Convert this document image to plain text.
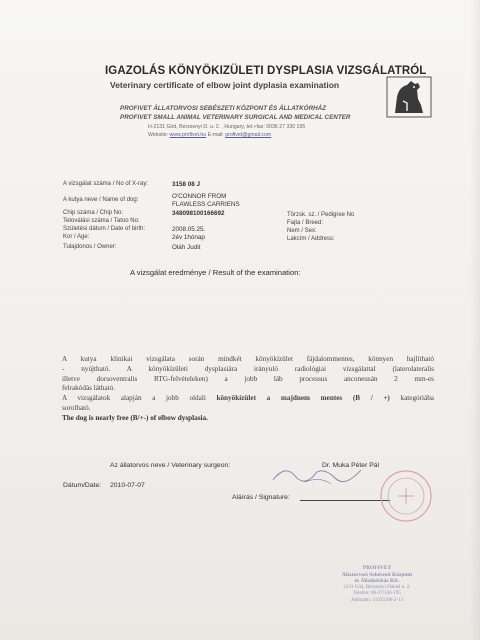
IGAZOLÁS KÖNYÖKIZÜLETI DYSPLASIA VIZSGÁLATRÓL
Veterinary certificate of elbow joint dyplasia examination
PROFIVET ÁLLATORVOSI SEBÉSZETI KÖZPONT ÉS ÁLLATKÓRHÁZ
PROFIVET SMALL ANIMAL VETERINARY SURGICAL AND MEDICAL CENTER
H-2131 Göd, Berzsenyi D. u. 2. , Hungary, tel.+fax: 0036 27 330 195
Website: www.profivet.hu E-mail: profivet@gmail.com
A vizsgálat száma / No of X-ray:
A kutya neve / Name of dog:
Chip száma / Chip No:
Tetoválási száma / Tatoo No:
Születési dátum / Date of birth:
Kor / Age:
Tulajdonos / Owner:
3158 08 J
O'CONNOR FROM
FLAWLESS CARRIENS
348098100166692
2008.05.25.
2év 1hónap
Oláh Judit
Törzsk. sz. / Pedigree No
Fajta / Breed:
Nem / Sex:
Lakcím / Address:
A vizsgálat eredménye / Result of the examination:

A kutya klinikai vizsgálata során mindkét könyökízület fájdalommentes, könnyen hajlítható

- nyújtható. A könyökízületi dysplasiára irányuló radiológiai vizsgálattal (laterolateralis

illetve dorsoventralis RTG-felvételeken) a jobb láb processus anconeusán 2 mm-es

felrakódás látható.

A vizsgálatok alapján a jobb oldali könyökízület a majdnem mentes (B / +) kategóriába

sorolható.

The dog is nearly free (B/+-) of elbow dysplasia.
Az állatorvos neve / Veterinary surgeon:	Dr. Muka Péter Pál
Dátum/Date: 2010-07-07
Aláírás / Signature:
PROFIVET
Állatorvosi Sebészeti Központ
és Állatkórház Kft.
2131 Göd, Berzsenyi Dániel u. 2.
Telefon: 06-27/330-195
Adószám: 11925106-2-13
